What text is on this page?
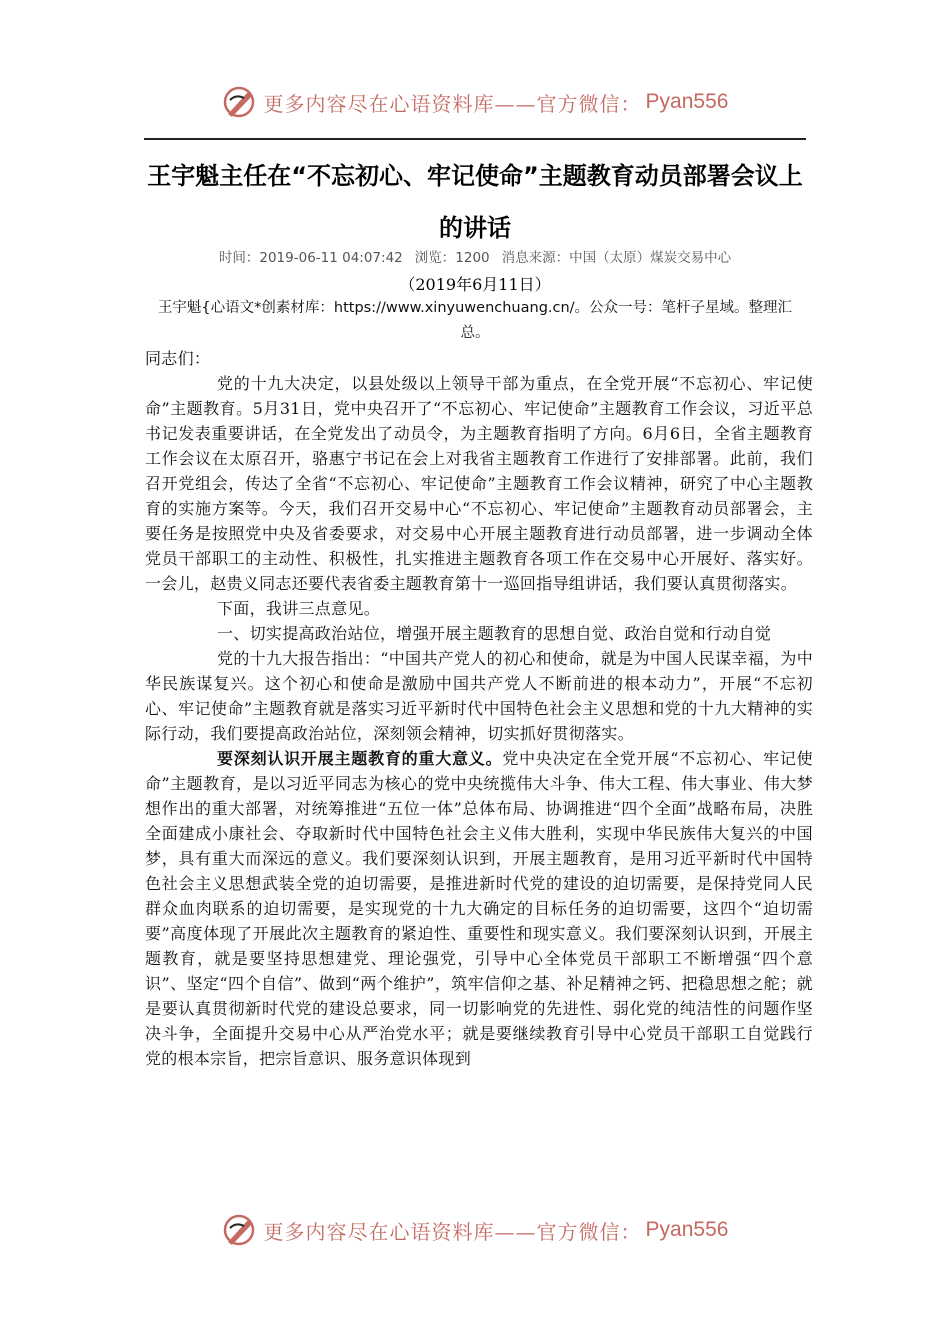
更多内容尽在心语资料库——官方微信： Pyan556
王宇魁主任在“不忘初心、牢记使命”主题教育动员部署会议上的讲话
时间：2019-06-11 04:07:42 浏览：1200 消息来源：中国（太原）煤炭交易中心
（2019年6月11日）
王宇魁{心语文*创素材库：https://www.xinyuwenchuang.cn/。公众一号：笔杆子星域。整理汇总。

同志们：

党的十九大决定，以县处级以上领导干部为重点，在全党开展“不忘初心、牢记使命”主题教育。5月31日，党中央召开了“不忘初心、牢记使命”主题教育工作会议，习近平总书记发表重要讲话，在全党发出了动员令，为主题教育指明了方向。6月6日，全省主题教育工作会议在太原召开，骆惠宁书记在会上对我省主题教育工作进行了安排部署。此前，我们召开党组会，传达了全省“不忘初心、牢记使命”主题教育工作会议精神，研究了中心主题教育的实施方案等。今天，我们召开交易中心“不忘初心、牢记使命”主题教育动员部署会，主要任务是按照党中央及省委要求，对交易中心开展主题教育进行动员部署，进一步调动全体党员干部职工的主动性、积极性，扎实推进主题教育各项工作在交易中心开展好、落实好。一会儿，赵贵义同志还要代表省委主题教育第十一巡回指导组讲话，我们要认真贯彻落实。

下面，我讲三点意见。

一、切实提高政治站位，增强开展主题教育的思想自觉、政治自觉和行动自觉

党的十九大报告指出：“中国共产党人的初心和使命，就是为中国人民谋幸福，为中华民族谋复兴。这个初心和使命是激励中国共产党人不断前进的根本动力”，开展“不忘初心、牢记使命”主题教育就是落实习近平新时代中国特色社会主义思想和党的十九大精神的实际行动，我们要提高政治站位，深刻领会精神，切实抓好贯彻落实。

要深刻认识开展主题教育的重大意义。党中央决定在全党开展“不忘初心、牢记使命”主题教育，是以习近平同志为核心的党中央统揽伟大斗争、伟大工程、伟大事业、伟大梦想作出的重大部署，对统筹推进“五位一体”总体布局、协调推进“四个全面”战略布局，决胜全面建成小康社会、夺取新时代中国特色社会主义伟大胜利，实现中华民族伟大复兴的中国梦，具有重大而深远的意义。我们要深刻认识到，开展主题教育，是用习近平新时代中国特色社会主义思想武装全党的迫切需要，是推进新时代党的建设的迫切需要，是保持党同人民群众血肉联系的迫切需要，是实现党的十九大确定的目标任务的迫切需要，这四个“迫切需要”高度体现了开展此次主题教育的紧迫性、重要性和现实意义。我们要深刻认识到，开展主题教育，就是要坚持思想建党、理论强党，引导中心全体党员干部职工不断增强“四个意识”、坚定“四个自信”、做到“两个维护”，筑牢信仰之基、补足精神之钙、把稳思想之舵；就是要认真贯彻新时代党的建设总要求，同一切影响党的先进性、弱化党的纯洁性的问题作坚决斗争，全面提升交易中心从严治党水平；就是要继续教育引导中心党员干部职工自觉践行党的根本宗旨，把宗旨意识、服务意识体现到

更多内容尽在心语资料库——官方微信： Pyan556
